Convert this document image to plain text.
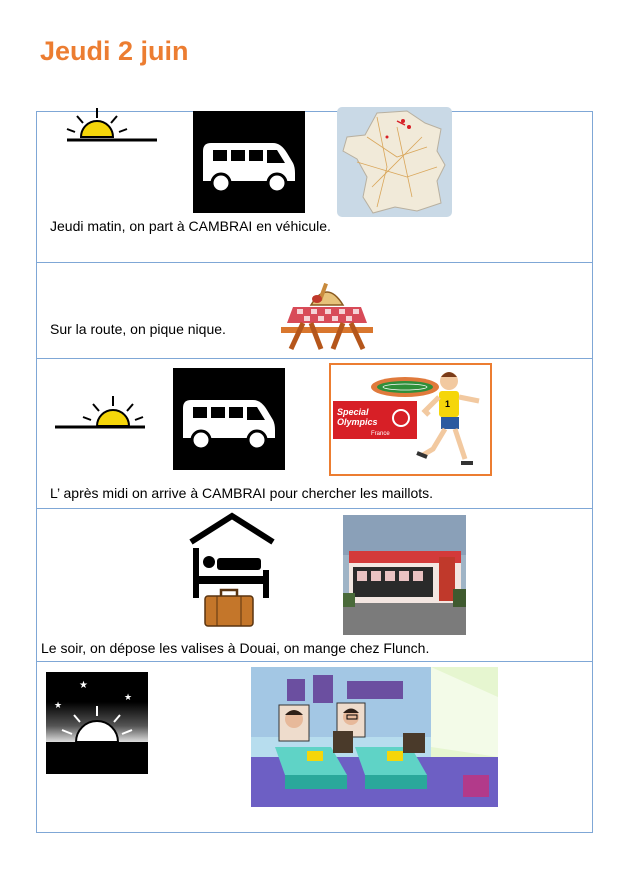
Jeudi 2 juin
Jeudi matin, on part à CAMBRAI en véhicule.
Sur la route, on pique nique.
Special
Olympics
France
1
L’ après midi on arrive à CAMBRAI pour chercher les maillots.
Le soir, on dépose les valises à Douai, on mange chez Flunch.
★
★
★
